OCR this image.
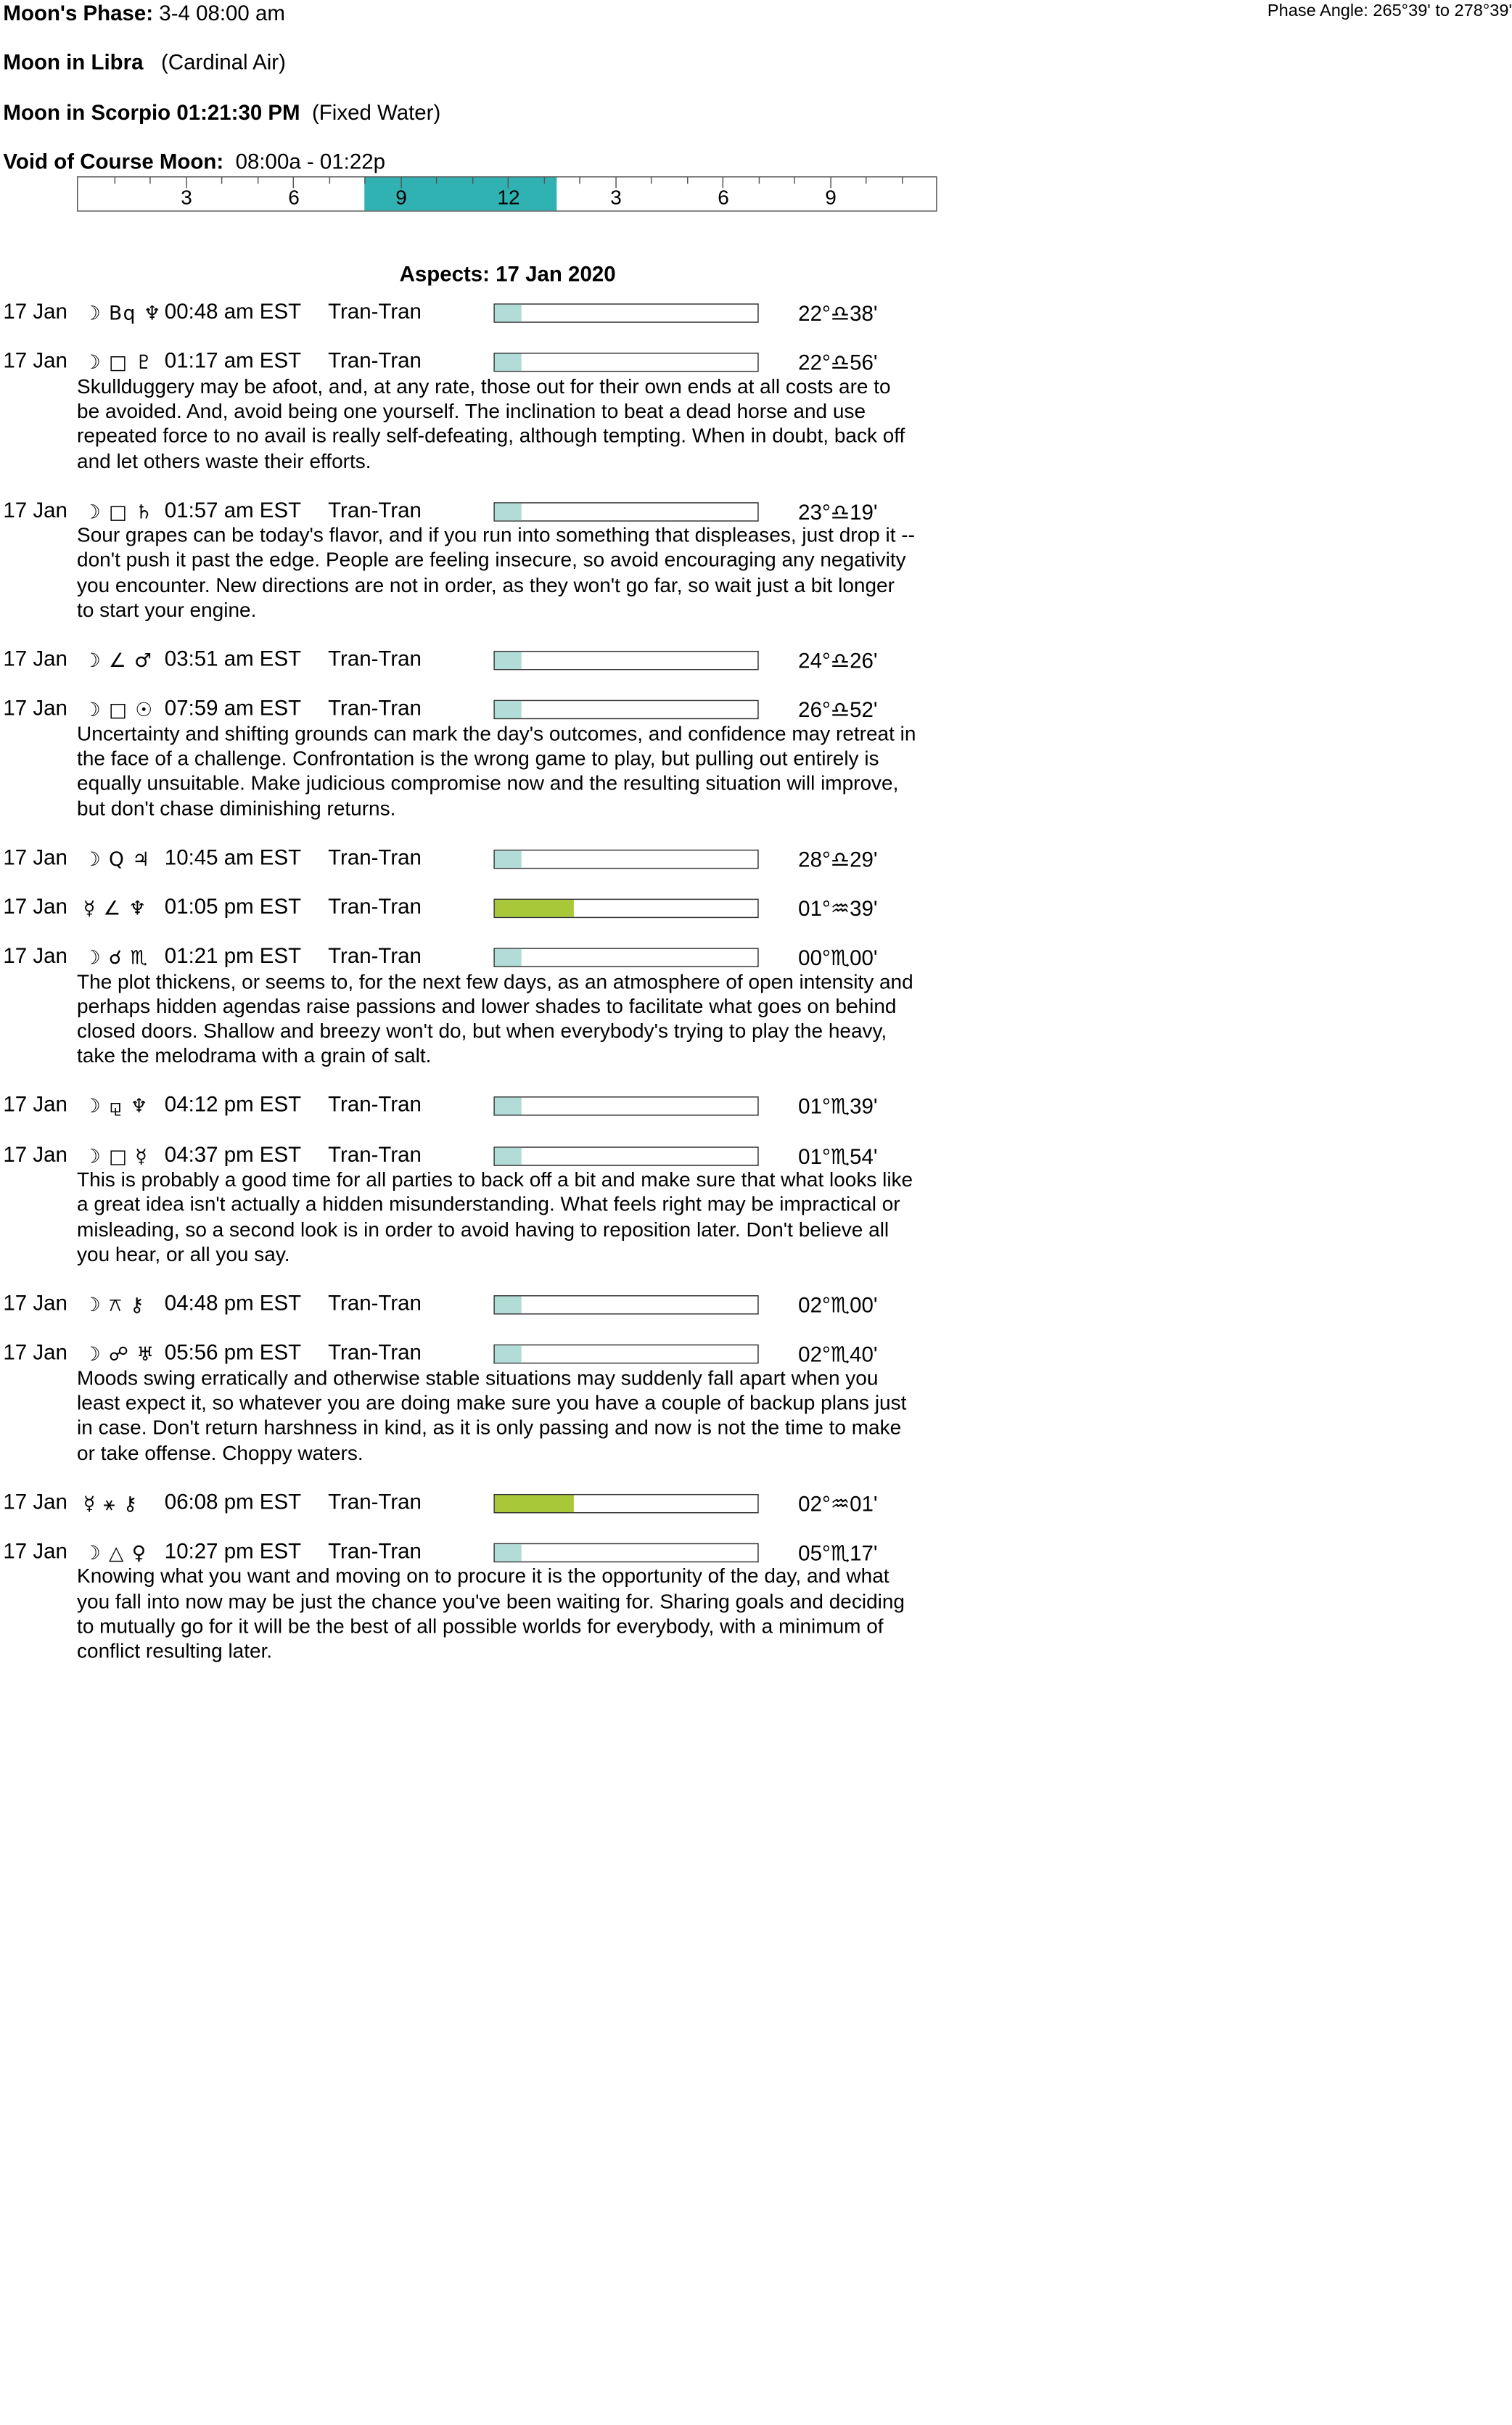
Moon's Phase: 3-4 08:00 am	Phase Angle: 265°39' to 278°39'
Moon in Libra (Cardinal Air)
Moon in Scorpio 01:21:30 PM (Fixed Water)
Void of Course Moon: 08:00a - 01:22p
3	6	9	12	3	6	9
Aspects: 17 Jan 2020
17 Jan ☽ Bq ♆ 00:48 am EST Tran-Tran	22°♎38'
17 Jan ☽ □ ♇ 01:17 am EST Tran-Tran	22°♎56'
Skullduggery may be afoot, and, at any rate, those out for their own ends at all costs are to
be avoided. And, avoid being one yourself. The inclination to beat a dead horse and use
repeated force to no avail is really self-defeating, although tempting. When in doubt, back off
and let others waste their efforts.
17 Jan ☽ □ ♄ 01:57 am EST Tran-Tran	23°♎19'
Sour grapes can be today's flavor, and if you run into something that displeases, just drop it --
don't push it past the edge. People are feeling insecure, so avoid encouraging any negativity
you encounter. New directions are not in order, as they won't go far, so wait just a bit longer
to start your engine.
17 Jan ☽ ∠ ♂ 03:51 am EST Tran-Tran	24°♎26'
17 Jan ☽ □ ☉ 07:59 am EST Tran-Tran	26°♎52'
Uncertainty and shifting grounds can mark the day's outcomes, and confidence may retreat in
the face of a challenge. Confrontation is the wrong game to play, but pulling out entirely is
equally unsuitable. Make judicious compromise now and the resulting situation will improve,
but don't chase diminishing returns.
17 Jan ☽ Q ♃ 10:45 am EST Tran-Tran	28°♎29'
17 Jan ☿ ∠ ♆ 01:05 pm EST Tran-Tran	01°♒39'
17 Jan ☽ ☌ ♏ 01:21 pm EST Tran-Tran	00°♏00'
The plot thickens, or seems to, for the next few days, as an atmosphere of open intensity and
perhaps hidden agendas raise passions and lower shades to facilitate what goes on behind
closed doors. Shallow and breezy won't do, but when everybody's trying to play the heavy,
take the melodrama with a grain of salt.
17 Jan ☽ ⚼ ♆ 04:12 pm EST Tran-Tran	01°♏39'
17 Jan ☽ □ ☿ 04:37 pm EST Tran-Tran	01°♏54'
This is probably a good time for all parties to back off a bit and make sure that what looks like
a great idea isn't actually a hidden misunderstanding. What feels right may be impractical or
misleading, so a second look is in order to avoid having to reposition later. Don't believe all
you hear, or all you say.
17 Jan ☽ ⚻ ⚷ 04:48 pm EST Tran-Tran	02°♏00'
17 Jan ☽ ☍ ♅ 05:56 pm EST Tran-Tran	02°♏40'
Moods swing erratically and otherwise stable situations may suddenly fall apart when you
least expect it, so whatever you are doing make sure you have a couple of backup plans just
in case. Don't return harshness in kind, as it is only passing and now is not the time to make
or take offense. Choppy waters.
17 Jan ☿ ⚹ ⚷ 06:08 pm EST Tran-Tran	02°♒01'
17 Jan ☽ △ ♀ 10:27 pm EST Tran-Tran	05°♏17'
Knowing what you want and moving on to procure it is the opportunity of the day, and what
you fall into now may be just the chance you've been waiting for. Sharing goals and deciding
to mutually go for it will be the best of all possible worlds for everybody, with a minimum of
conflict resulting later.
